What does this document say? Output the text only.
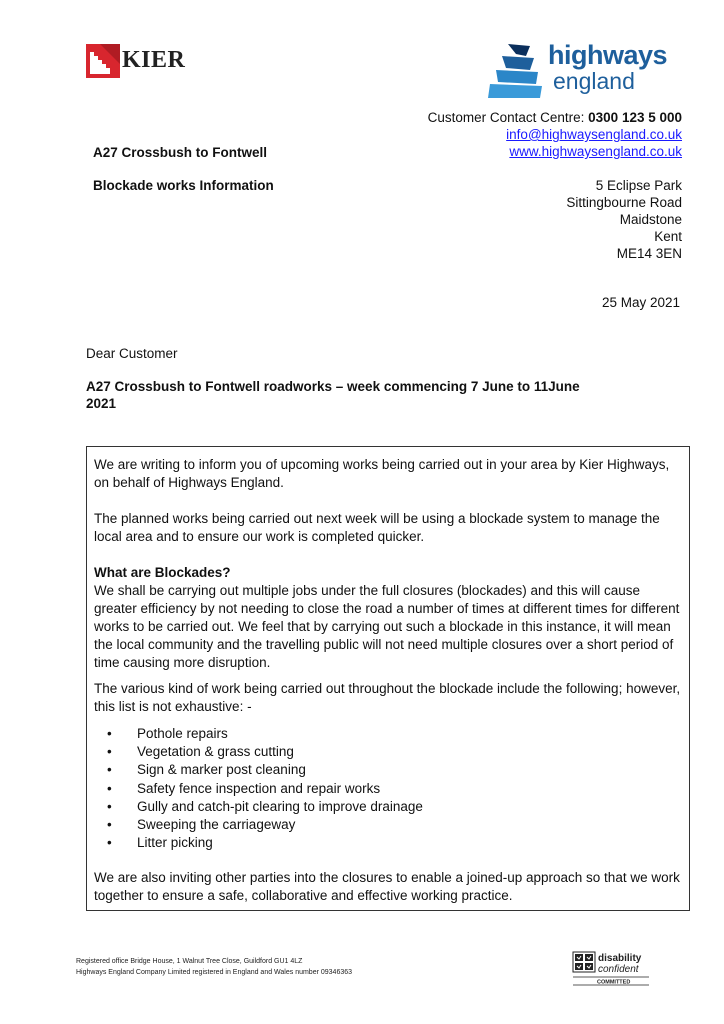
KIER	highways
england
Customer Contact Centre: 0300 123 5 000
info@highwaysengland.co.uk
www.highwaysengland.co.uk
A27 Crossbush to Fontwell
Blockade works Information	5 Eclipse Park
Sittingbourne Road
Maidstone
Kent
ME14 3EN
25 May 2021
Dear Customer
A27 Crossbush to Fontwell roadworks – week commencing 7 June to 11June
2021
We are writing to inform you of upcoming works being carried out in your area by Kier Highways, on behalf of Highways England.
The planned works being carried out next week will be using a blockade system to manage the local area and to ensure our work is completed quicker.
What are Blockades?
We shall be carrying out multiple jobs under the full closures (blockades) and this will cause greater efficiency by not needing to close the road a number of times at different times for different works to be carried out. We feel that by carrying out such a blockade in this instance, it will mean the local community and the travelling public will not need multiple closures over a short period of time causing more disruption.
The various kind of work being carried out throughout the blockade include the following; however, this list is not exhaustive: -
• Pothole repairs
• Vegetation & grass cutting
• Sign & marker post cleaning
• Safety fence inspection and repair works
• Gully and catch-pit clearing to improve drainage
• Sweeping the carriageway
• Litter picking
We are also inviting other parties into the closures to enable a joined-up approach so that we work together to ensure a safe, collaborative and effective working practice.
Registered office Bridge House, 1 Walnut Tree Close, Guildford GU1 4LZ
Highways England Company Limited registered in England and Wales number 09346363
disability
confident
COMMITTED
